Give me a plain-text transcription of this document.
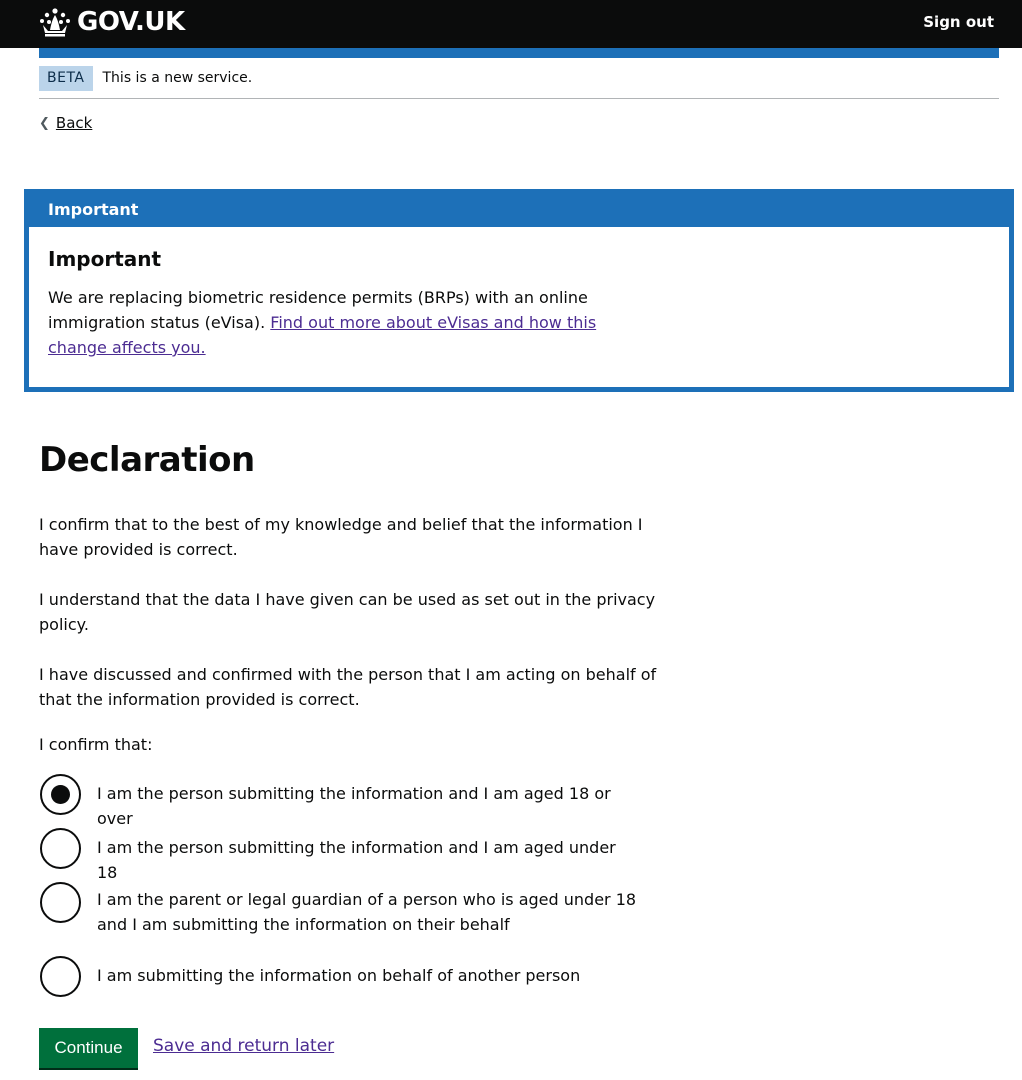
GOV.UK	Sign out
BETA	This is a new service.
❮ Back
Important
Important

We are replacing biometric residence permits (BRPs) with an online immigration status (eVisa). Find out more about eVisas and how this change affects you.

Declaration

I confirm that to the best of my knowledge and belief that the information I have provided is correct.

I understand that the data I have given can be used as set out in the privacy policy.

I have discussed and confirmed with the person that I am acting on behalf of that the information provided is correct.

I confirm that:
I am the person submitting the information and I am aged 18 or over
I am the person submitting the information and I am aged under 18
I am the parent or legal guardian of a person who is aged under 18 and I am submitting the information on their behalf
I am submitting the information on behalf of another person
Continue	Save and return later
